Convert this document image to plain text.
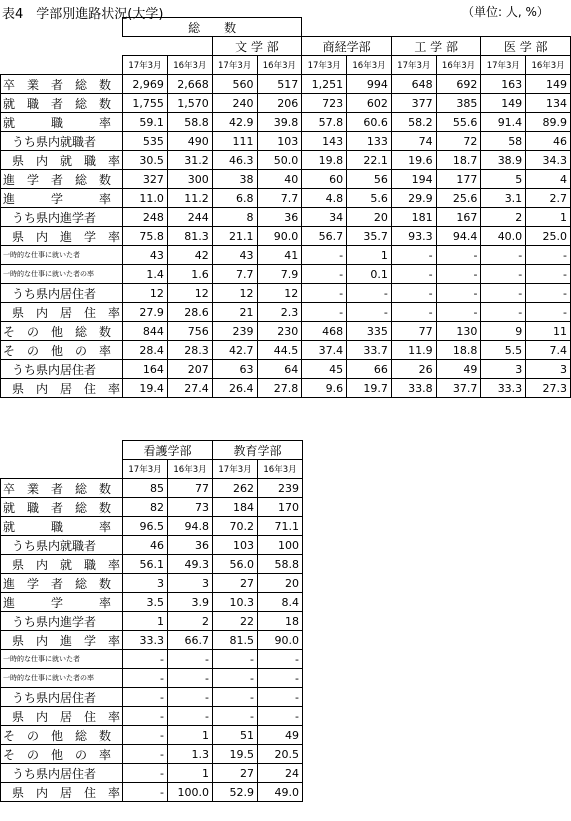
表4　学部別進路状況(大学)	（単位: 人, %）
	総　　数									
			文 学 部		商経学部		工 学 部		医 学 部	
	17年3月	16年3月	17年3月	16年3月	17年3月	16年3月	17年3月	16年3月	17年3月	16年3月
卒　業　者　総　数	2,969	2,668	560	517	1,251	994	648	692	163	149
就　職　者　総　数	1,755	1,570	240	206	723	602	377	385	149	134
就　　　職　　　率	59.1	58.8	42.9	39.8	57.8	60.6	58.2	55.6	91.4	89.9
うち県内就職者	535	490	111	103	143	133	74	72	58	46
県　内　就　職　率	30.5	31.2	46.3	50.0	19.8	22.1	19.6	18.7	38.9	34.3
進　学　者　総　数	327	300	38	40	60	56	194	177	5	4
進　　　学　　　率	11.0	11.2	6.8	7.7	4.8	5.6	29.9	25.6	3.1	2.7
うち県内進学者	248	244	8	36	34	20	181	167	2	1
県　内　進　学　率	75.8	81.3	21.1	90.0	56.7	35.7	93.3	94.4	40.0	25.0
一時的な仕事に就いた者	43	42	43	41	-	1	-	-	-	-
一時的な仕事に就いた者の率	1.4	1.6	7.7	7.9	-	0.1	-	-	-	-
うち県内居住者	12	12	12	12	-	-	-	-	-	-
県　内　居　住　率	27.9	28.6	21	2.3	-	-	-	-	-	-
そ　の　他　総　数	844	756	239	230	468	335	77	130	9	11
そ　の　他　の　率	28.4	28.3	42.7	44.5	37.4	33.7	11.9	18.8	5.5	7.4
うち県内居住者	164	207	63	64	45	66	26	49	3	3
県　内　居　住　率	19.4	27.4	26.4	27.8	9.6	19.7	33.8	37.7	33.3	27.3
	看護学部		教育学部	
	17年3月	16年3月	17年3月	16年3月
卒　業　者　総　数	85	77	262	239
就　職　者　総　数	82	73	184	170
就　　　職　　　率	96.5	94.8	70.2	71.1
うち県内就職者	46	36	103	100
県　内　就　職　率	56.1	49.3	56.0	58.8
進　学　者　総　数	3	3	27	20
進　　　学　　　率	3.5	3.9	10.3	8.4
うち県内進学者	1	2	22	18
県　内　進　学　率	33.3	66.7	81.5	90.0
一時的な仕事に就いた者	-	-	-	-
一時的な仕事に就いた者の率	-	-	-	-
うち県内居住者	-	-	-	-
県　内　居　住　率	-	-	-	-
そ　の　他　総　数	-	1	51	49
そ　の　他　の　率	-	1.3	19.5	20.5
うち県内居住者	-	1	27	24
県　内　居　住　率	-	100.0	52.9	49.0
